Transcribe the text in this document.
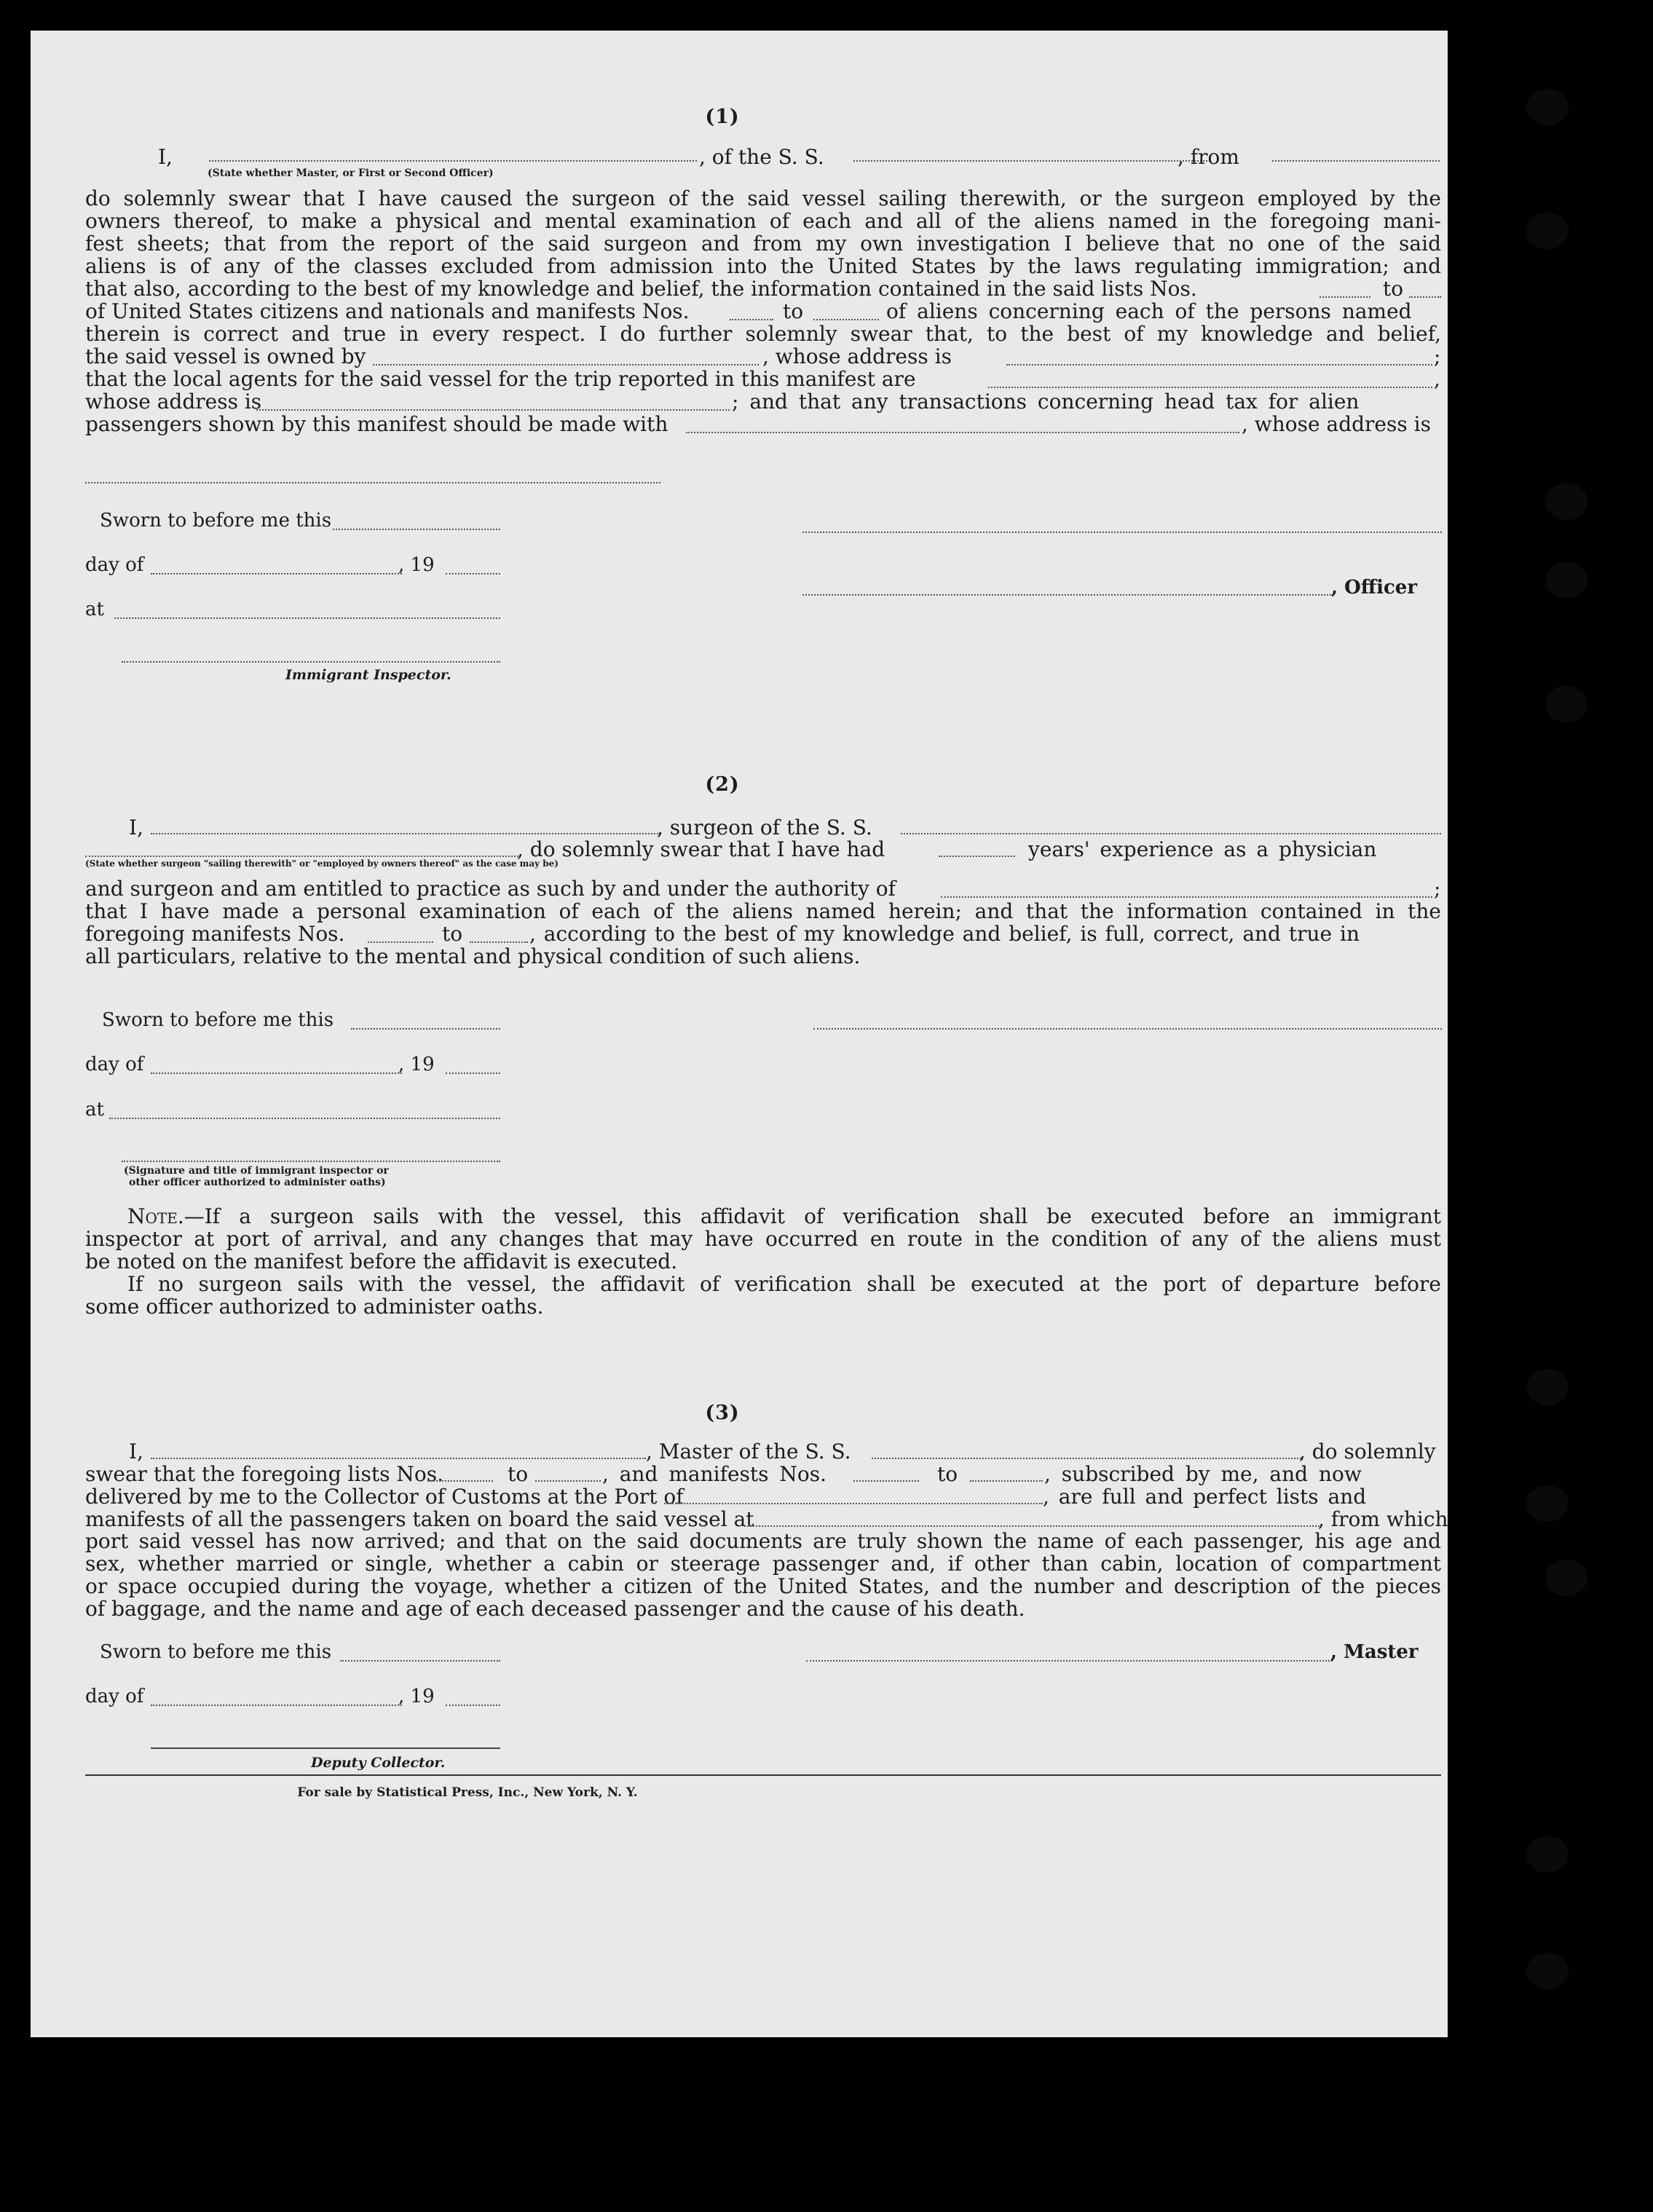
(1)
I,	, of the S. S.	, from

(State whether Master, or First or Second Officer)
do solemnly swear that I have caused the surgeon of the said vessel sailing therewith, or the surgeon employed by the
owners thereof, to make a physical and mental examination of each and all of the aliens named in the foregoing mani-
fest sheets; that from the report of the said surgeon and from my own investigation I believe that no one of the said
aliens is of any of the classes excluded from admission into the United States by the laws regulating immigration; and
that also, according to the best of my knowledge and belief, the information contained in the said lists Nos.	to
of United States citizens and nationals and manifests Nos.	to	of aliens concerning each of the persons named
therein is correct and true in every respect. I do further solemnly swear that, to the best of my knowledge and belief,
the said vessel is owned by	, whose address is	;
that the local agents for the said vessel for the trip reported in this manifest are	,
whose address is	; and that any transactions concerning head tax for alien
passengers shown by this manifest should be made with	, whose address is
Sworn to before me this
day of	, 19
at
Immigrant Inspector.
, Officer
(2)
I,	, surgeon of the S. S.
, do solemnly swear that I have had	years' experience as a physician
(State whether surgeon "sailing therewith" or "employed by owners thereof" as the case may be)
and surgeon and am entitled to practice as such by and under the authority of	;
that I have made a personal examination of each of the aliens named herein; and that the information contained in the
foregoing manifests Nos.	to	, according to the best of my knowledge and belief, is full, correct, and true in
all particulars, relative to the mental and physical condition of such aliens.
Sworn to before me this
day of	, 19
at
(Signature and title of immigrant inspector or
other officer authorized to administer oaths)
Note.—If a surgeon sails with the vessel, this affidavit of verification shall be executed before an immigrant
inspector at port of arrival, and any changes that may have occurred en route in the condition of any of the aliens must
be noted on the manifest before the affidavit is executed.
If no surgeon sails with the vessel, the affidavit of verification shall be executed at the port of departure before
some officer authorized to administer oaths.
(3)
I,	, Master of the S. S.	, do solemnly
swear that the foregoing lists Nos.	to	, and manifests Nos.	to	, subscribed by me, and now
delivered by me to the Collector of Customs at the Port of	, are full and perfect lists and
manifests of all the passengers taken on board the said vessel at	, from which
port said vessel has now arrived; and that on the said documents are truly shown the name of each passenger, his age and
sex, whether married or single, whether a cabin or steerage passenger and, if other than cabin, location of compartment
or space occupied during the voyage, whether a citizen of the United States, and the number and description of the pieces
of baggage, and the name and age of each deceased passenger and the cause of his death.
Sworn to before me this
day of	, 19
Deputy Collector.
, Master
For sale by Statistical Press, Inc., New York, N. Y.
